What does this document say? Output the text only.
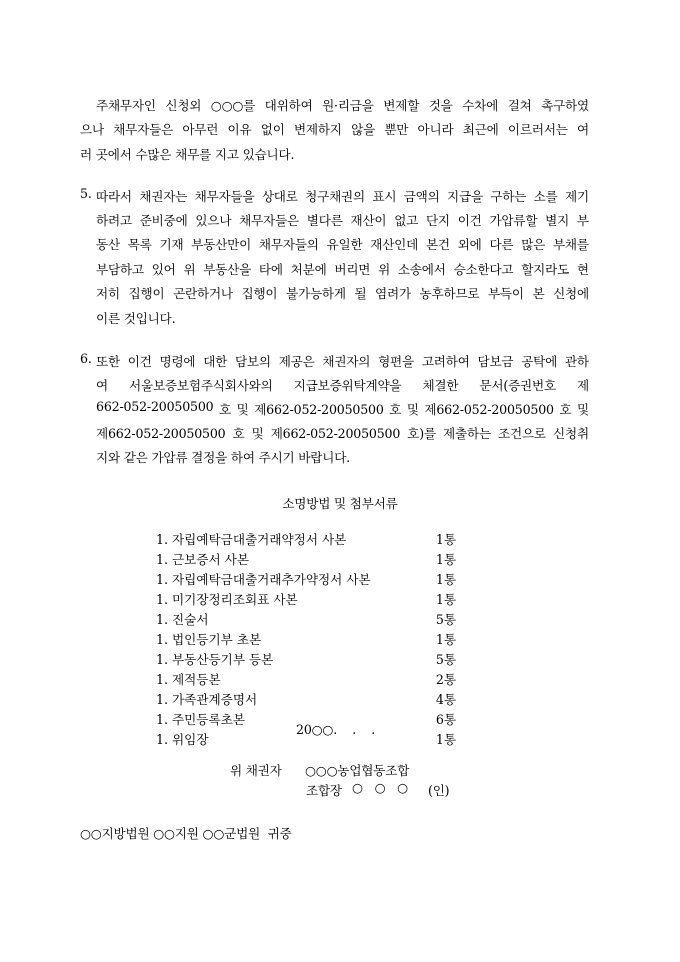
주채무자인 신청외 ○○○를 대위하여 원·리금을 변제할 것을 수차에 걸쳐 촉구하였
으나 채무자들은 아무런 이유 없이 변제하지 않을 뿐만 아니라 최근에 이르러서는 여
러 곳에서 수많은 채무를 지고 있습니다.
5. 따라서 채권자는 채무자들을 상대로 청구채권의 표시 금액의 지급을 구하는 소를 제기
하려고 준비중에 있으나 채무자들은 별다른 재산이 없고 단지 이건 가압류할 별지 부
동산 목록 기재 부동산만이 채무자들의 유일한 재산인데 본건 외에 다른 많은 부채를
부담하고 있어 위 부동산을 타에 처분에 버리면 위 소송에서 승소한다고 할지라도 현
저히 집행이 곤란하거나 집행이 불가능하게 될 염려가 농후하므로 부득이 본 신청에
이른 것입니다.
6. 또한 이건 명령에 대한 담보의 제공은 채권자의 형편을 고려하여 담보금 공탁에 관하
여 서울보증보험주식회사와의 지급보증위탁계약을 체결한 문서(증권번호 제
662-052-20050500 호 및 제662-052-20050500 호 및 제662-052-20050500 호 및
제662-052-20050500 호 및 제662-052-20050500 호)를 제출하는 조건으로 신청취
지와 같은 가압류 결정을 하여 주시기 바랍니다.
소명방법 및 첨부서류
1. 자립예탁금대출거래약정서 사본	1통
1. 근보증서 사본	1통
1. 자립예탁금대출거래추가약정서 사본	1통
1. 미기장정리조회표 사본	1통
1. 진술서	5통
1. 법인등기부 초본	1통
1. 부동산등기부 등본	5통
1. 제적등본	2통
1. 가족관계증명서	4통
1. 주민등록초본	6통
1. 위임장	1통
20○○.    .    .
위 채권자 ○○○농업협동조합
조합장 ○ ○ ○ (인)
○○지방법원 ○○지원 ○○군법원  귀중
